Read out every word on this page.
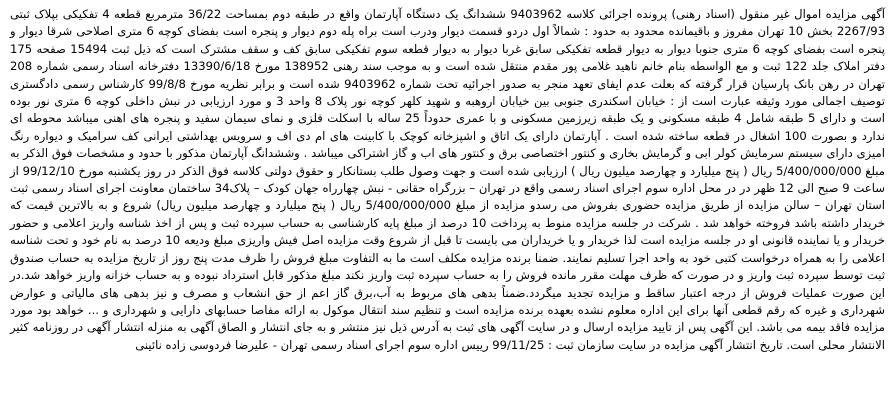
آگهی مزایده اموال غیر منقول (اسناد رهنی) پرونده اجرائی کلاسه 9403962 ششدانگ یک دستگاه آپارتمان واقع در طبقه دوم بمساحت 36/22 مترمربع قطعه 4 تفکیکی بپلاک ثبتی 2267/93 بخش 10 تهران مفروز و باقیمانده محدود به حدود : شمالاً اول دردو قسمت دیوار ودرب است براه پله دوم دیوار و پنجره است بفضای کوچه 6 متری اصلاحی شرقا دیوار و پنجره است بفضای کوچه 6 متری جنوبا دیوار به دیوار قطعه تفکیکی سابق غربا دیوار به دیوار قطعه سوم تفکیکی سابق کف و سقف مشترک است که ذیل ثبت 15494 صفحه 175 دفتر املاک جلد 122 ثبت و مع الواسطه بنام خانم ناهید غلامی پور مقدم منتقل شده است و به موجب سند رهنی 138952 مورخ 13390/6/18 دفترخانه اسناد رسمی شماره 208 تهران در رهن بانک پارسیان قرار گرفته که بعلت عدم ایفای تعهد منجر به صدور اجرائیه تحت شماره 9403962 شده است و برابر نظریه مورخ 99/8/8 کارشناس رسمی دادگستری توصیف اجمالی مورد وثیقه عبارت است از : خیابان اسکندری جنوبی بین خیابان اروهبه و شهید کلهر کوچه نور پلاک 8 واحد 3 و مورد ارزیابی در نبش داخلی کوچه 6 متری نور بوده است و دارای 5 طبقه شامل 4 طبقه مسکونی و یک طبقه زیرزمین مسکونی و با عمری حدوداً 25 ساله با اسکلت فلزی و نمای سیمان سفید و پنجره های اهنی میباشد محوطه ای ندارد و بصورت 100 اشغال در قطعه ساخته شده است . آپارتمان دارای یک اتاق و اشپزخانه کوچک با کابینت های ام دی اف و سرویس بهداشتی ایرانی کف سرامیک و دیواره رنگ امیزی دارای سیستم سرمایش کولر ابی و گرمایش بخاری و کنتور اختصاصی برق و کنتور های اب و گاز اشتراکی میباشد . وششدانگ آپارتمان مذکور با حدود و مشخصات فوق الذکر به مبلغ 5/400/000/000 ریال ( پنج میلیارد و چهارصد میلیون ریال ) ارزیابی شده است و جهت وصول طلب بستانکار و حقوق دولتی کلاسه فوق الذکر در روز یکشنبه مورخ 99/12/10 از ساعت 9 صبح الی 12 ظهر در در محل اداره سوم اجرای اسناد رسمی واقع در تهران – بزرگراه حقانی - نبش چهارراه جهان کودک – پلاک34 ساختمان معاونت اجرای اسناد رسمی ثبت استان تهران – سالن مزایده از طریق مزایده حضوری بفروش می رسدو مزایده از مبلغ 5/400/000/000 ریال ( پنج میلیارد و چهارصد میلیون ریال) شروع و به بالاترین قیمت که خریدار داشته باشد فروخته خواهد شد . شرکت در جلسه مزایده منوط به پرداخت 10 درصد از مبلغ پایه کارشناسی به حساب سپرده ثبت و پس از اخذ شناسه واریز اعلامی و حضور خریدار و یا نماینده قانونی او در جلسه مزایده است لذا خریدار و یا خریداران می بایست تا قبل از شروع وقت مزایده اصل فیش واریزی مبلغ ودیعه 10 درصد به نام خود و تحت شناسه اعلامی را به همراه درخواست کتبی خود به واحد اجرا تسلیم نمایند. ضمنا برنده مزایده مکلف است ما به التفاوت مبلغ فروش را ظرف مدت پنج روز از تاریخ مزایده به حساب صندوق ثبت توسط سپرده ثبت واریز و در صورت که ظرف مهلت مقرر مانده فروش را به حساب سپرده ثبت واریز نکند مبلغ مذکور قابل استرداد نبوده و به حساب خزانه واریز خواهد شد.در این صورت عملیات فروش از درجه اعتبار ساقط و مزایده تجدید میگردد.ضمناً بدهی های مربوط به آب،برق گاز اعم از حق انشعاب و مصرف و نیز بدهی های مالیاتی و عوارض شهرداری و غیره که رقم قطعی آنها برای این اداره معلوم نشده بعهده برنده مزایده است و تنظیم سند انتقال موکول به ارائه مفاصا حسابهای دارایی و شهرداری و ... خواهد بود مورد مزایده فاقد بیمه می باشد. این آگهی پس از تایید مزایده ارسال و در سایت آگهی های ثبت به آدرس ذیل نیز منتشر و به جای انتشار و الصاق آگهی به منزله انتشار آگهی در روزنامه کثیر الانتشار محلی است. تاریخ انتشار آگهی مزایده در سایت سازمان ثبت : 99/11/25 رییس اداره سوم اجرای اسناد رسمی تهران - علیرضا فردوسی زاده نائینی
